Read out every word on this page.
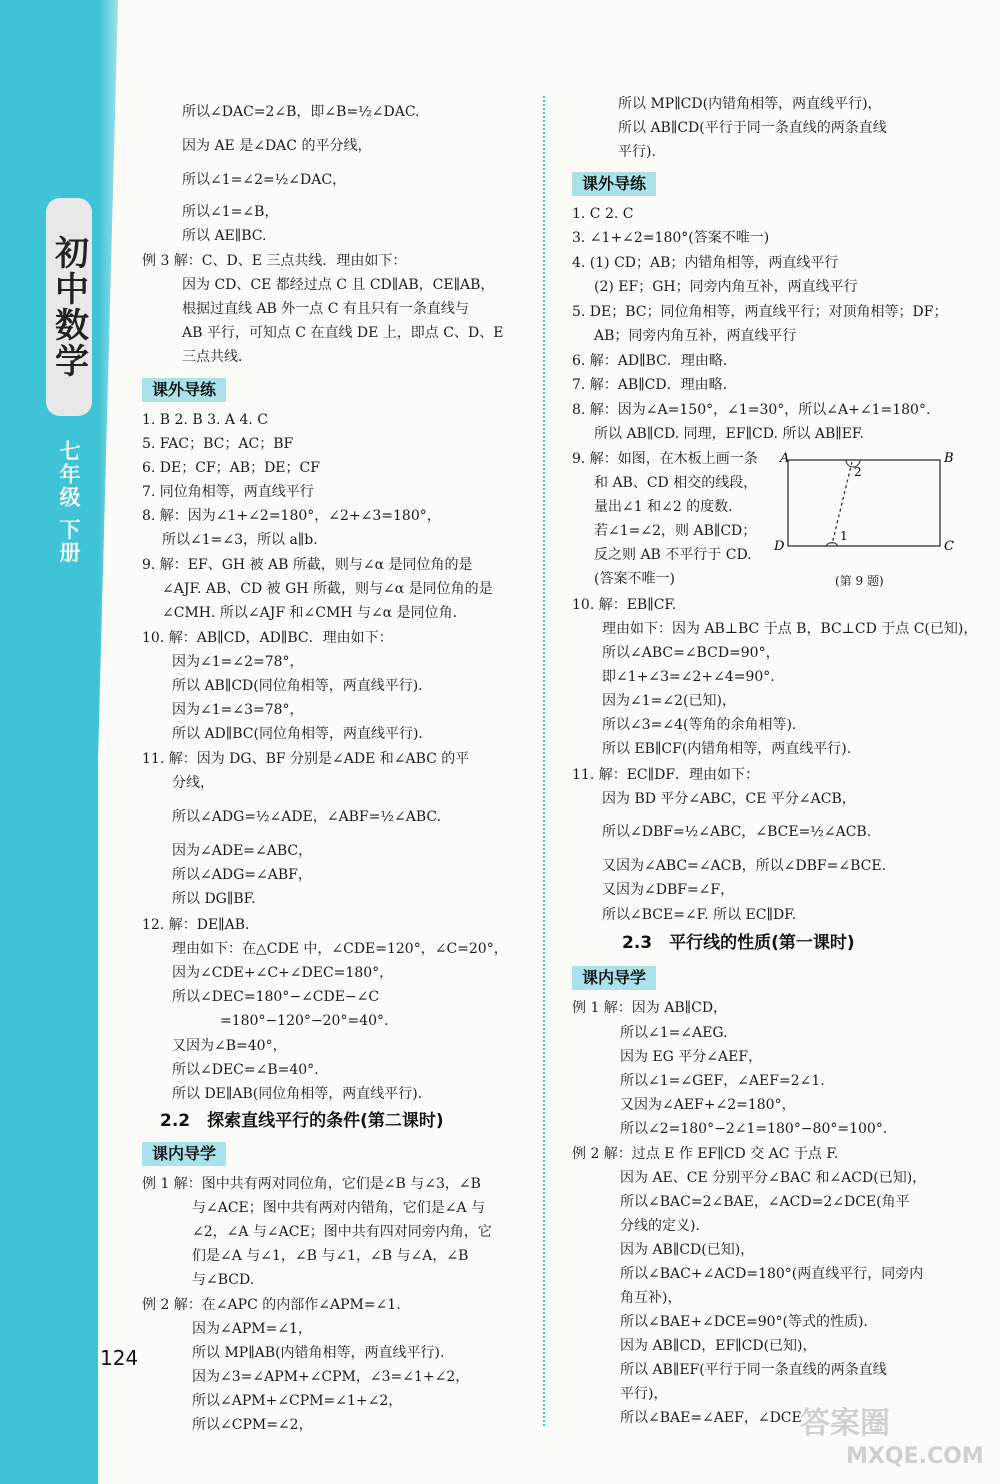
初中数学
七年级 下册
124
所以∠DAC=2∠B，即∠B=½∠DAC.
因为 AE 是∠DAC 的平分线，
所以∠1=∠2=½∠DAC，
所以∠1=∠B，
所以 AE∥BC.
例 3 解：C、D、E 三点共线．理由如下：
因为 CD、CE 都经过点 C 且 CD∥AB，CE∥AB，
根据过直线 AB 外一点 C 有且只有一条直线与
AB 平行，可知点 C 在直线 DE 上，即点 C、D、E
三点共线．
课外导练
1. B 2. B 3. A 4. C
5. FAC；BC；AC；BF
6. DE；CF；AB；DE；CF
7. 同位角相等，两直线平行
8. 解：因为∠1+∠2=180°，∠2+∠3=180°，
所以∠1=∠3，所以 a∥b.
9. 解：EF、GH 被 AB 所截，则与∠α 是同位角的是
∠AJF. AB、CD 被 GH 所截，则与∠α 是同位角的是
∠CMH. 所以∠AJF 和∠CMH 与∠α 是同位角．
10. 解：AB∥CD，AD∥BC．理由如下：
因为∠1=∠2=78°，
所以 AB∥CD(同位角相等，两直线平行).
因为∠1=∠3=78°，
所以 AD∥BC(同位角相等，两直线平行).
11. 解：因为 DG、BF 分别是∠ADE 和∠ABC 的平
分线，
所以∠ADG=½∠ADE，∠ABF=½∠ABC.
因为∠ADE=∠ABC，
所以∠ADG=∠ABF，
所以 DG∥BF.
12. 解：DE∥AB.
理由如下：在△CDE 中，∠CDE=120°，∠C=20°，
因为∠CDE+∠C+∠DEC=180°，
所以∠DEC=180°−∠CDE−∠C
=180°−120°−20°=40°.
又因为∠B=40°，
所以∠DEC=∠B=40°.
所以 DE∥AB(同位角相等，两直线平行).
2.2　探索直线平行的条件(第二课时)
课内导学
例 1 解：图中共有两对同位角，它们是∠B 与∠3，∠B
与∠ACE；图中共有两对内错角，它们是∠A 与
∠2，∠A 与∠ACE；图中共有四对同旁内角，它
们是∠A 与∠1，∠B 与∠1，∠B 与∠A，∠B
与∠BCD.
例 2 解：在∠APC 的内部作∠APM=∠1.
因为∠APM=∠1，
所以 MP∥AB(内错角相等，两直线平行).
因为∠3=∠APM+∠CPM，∠3=∠1+∠2，
所以∠APM+∠CPM=∠1+∠2，
所以∠CPM=∠2，
所以 MP∥CD(内错角相等，两直线平行)，
所以 AB∥CD(平行于同一条直线的两条直线
平行).
课外导练
1. C 2. C
3. ∠1+∠2=180°(答案不唯一)
4. (1) CD；AB；内错角相等，两直线平行
(2) EF；GH；同旁内角互补，两直线平行
5. DE；BC；同位角相等，两直线平行；对顶角相等；DF；
AB；同旁内角互补，两直线平行
6. 解：AD∥BC．理由略．
7. 解：AB∥CD．理由略．
8. 解：因为∠A=150°，∠1=30°，所以∠A+∠1=180°.
所以 AB∥CD. 同理，EF∥CD. 所以 AB∥EF.
9. 解：如图，在木板上画一条
和 AB、CD 相交的线段，
量出∠1 和∠2 的度数．
若∠1=∠2，则 AB∥CD；
反之则 AB 不平行于 CD.
(答案不唯一)
10. 解：EB∥CF.
理由如下：因为 AB⊥BC 于点 B，BC⊥CD 于点 C(已知)，
所以∠ABC=∠BCD=90°，
即∠1+∠3=∠2+∠4=90°.
因为∠1=∠2(已知)，
所以∠3=∠4(等角的余角相等).
所以 EB∥CF(内错角相等，两直线平行).
11. 解：EC∥DF．理由如下：
因为 BD 平分∠ABC，CE 平分∠ACB，
所以∠DBF=½∠ABC，∠BCE=½∠ACB.
又因为∠ABC=∠ACB，所以∠DBF=∠BCE.
又因为∠DBF=∠F，
所以∠BCE=∠F. 所以 EC∥DF.
2.3　平行线的性质(第一课时)
课内导学
例 1 解：因为 AB∥CD，
所以∠1=∠AEG.
因为 EG 平分∠AEF，
所以∠1=∠GEF，∠AEF=2∠1.
又因为∠AEF+∠2=180°，
所以∠2=180°−2∠1=180°−80°=100°.
例 2 解：过点 E 作 EF∥CD 交 AC 于点 F.
因为 AE、CE 分别平分∠BAC 和∠ACD(已知)，
所以∠BAC=2∠BAE，∠ACD=2∠DCE(角平
分线的定义).
因为 AB∥CD(已知)，
所以∠BAC+∠ACD=180°(两直线平行，同旁内
角互补)，
所以∠BAE+∠DCE=90°(等式的性质).
因为 AB∥CD，EF∥CD(已知)，
所以 AB∥EF(平行于同一条直线的两条直线
平行)，
所以∠BAE=∠AEF，∠DCE
A	B
C
D
2
1
(第 9 题)
答案圈
MXQE.COM
